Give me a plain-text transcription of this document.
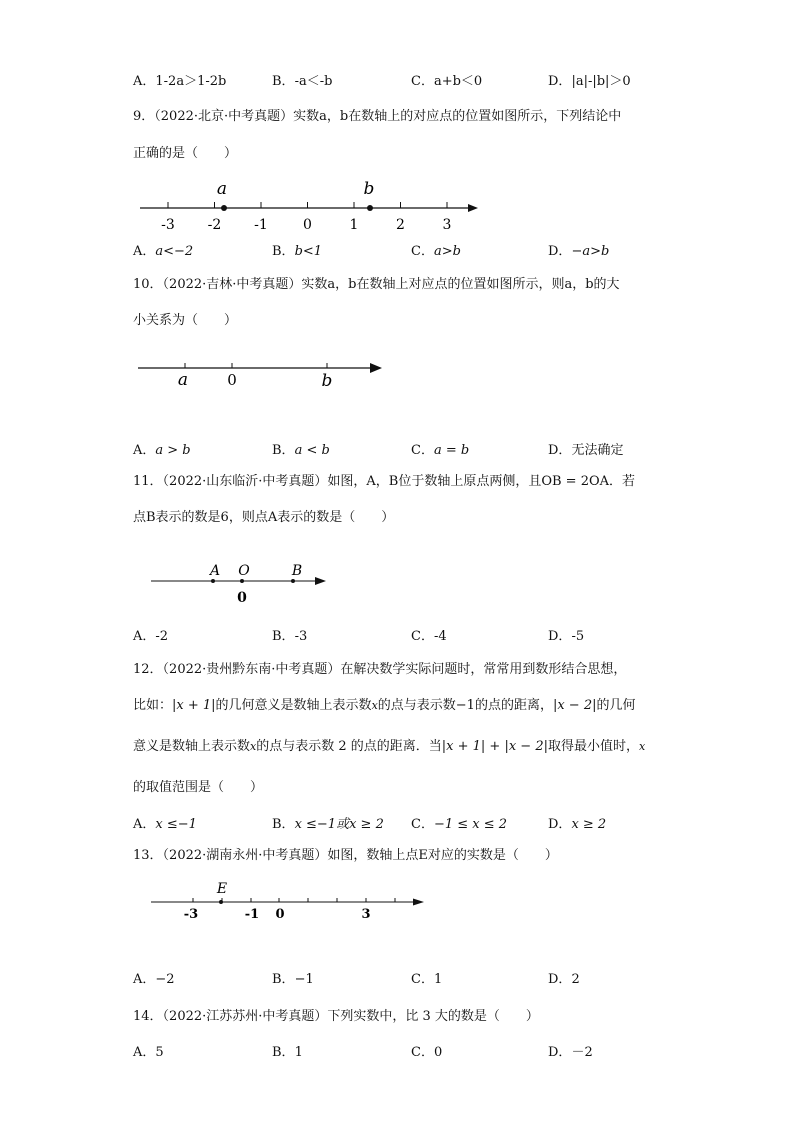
A．1-2a＞1-2b	B．-a＜-b	C．a+b＜0	D．|a|-|b|＞0
9．（2022·北京·中考真题）实数a，b在数轴上的对应点的位置如图所示，下列结论中
正确的是（　　）
-3 -2 -1	0	1	2	3
a	b
A．a<−2	B．b<1	C．a>b	D．−a>b
10．（2022·吉林·中考真题）实数a，b在数轴上对应点的位置如图所示，则a，b的大
小关系为（　　）
a	0	b
A．a > b	B．a < b	C．a = b	D．无法确定
11．（2022·山东临沂·中考真题）如图，A，B位于数轴上原点两侧，且OB = 2OA．若
点B表示的数是6，则点A表示的数是（　　）
A O	B
0
A．-2	B．-3	C．-4	D．-5
12．（2022·贵州黔东南·中考真题）在解决数学实际问题时，常常用到数形结合思想，
比如：|x + 1|的几何意义是数轴上表示数x的点与表示数−1的点的距离，|x − 2|的几何
意义是数轴上表示数x的点与表示数 2 的点的距离．当|x + 1| + |x − 2|取得最小值时，x
的取值范围是（　　）
A．x ≤−1	B．x ≤−1或x ≥ 2 C．−1 ≤ x ≤ 2	D．x ≥ 2
13．（2022·湖南永州·中考真题）如图，数轴上点E对应的实数是（　　）
E
-3	-1 0	3
A．−2	B．−1	C．1	D．2
14．（2022·江苏苏州·中考真题）下列实数中，比 3 大的数是（　　）
A．5	B．1	C．0	D．－2
